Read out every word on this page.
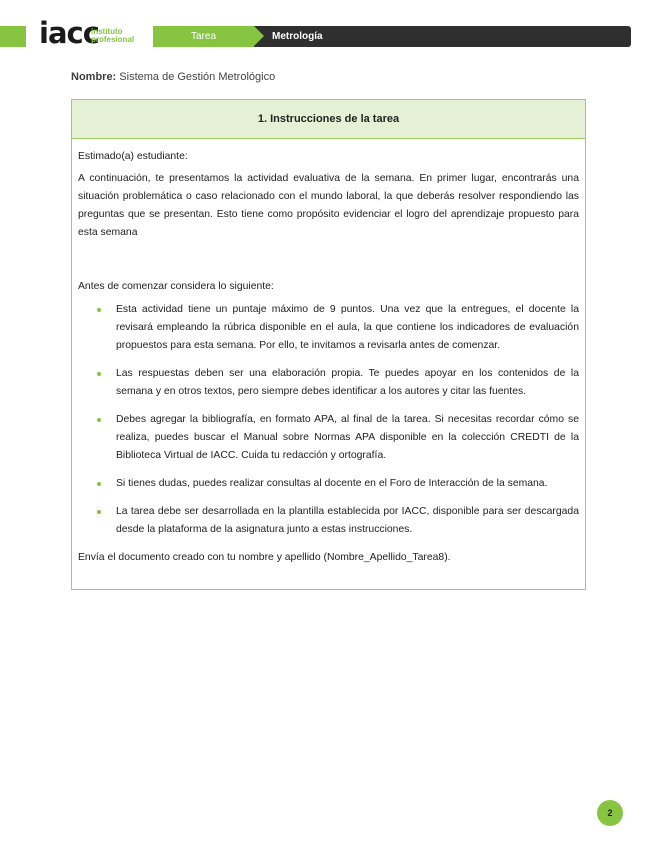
iacc
instituto
profesional	Tarea	Metrología
Nombre: Sistema de Gestión Metrológico
1. Instrucciones de la tarea

Estimado(a) estudiante:

A continuación, te presentamos la actividad evaluativa de la semana. En primer lugar, encontrarás una situación problemática o caso relacionado con el mundo laboral, la que deberás resolver respondiendo las preguntas que se presentan. Esto tiene como propósito evidenciar el logro del aprendizaje propuesto para esta semana

Antes de comenzar considera lo siguiente:

Esta actividad tiene un puntaje máximo de 9 puntos. Una vez que la entregues, el docente la revisará empleando la rúbrica disponible en el aula, la que contiene los indicadores de evaluación propuestos para esta semana. Por ello, te invitamos a revisarla antes de comenzar.
Las respuestas deben ser una elaboración propia. Te puedes apoyar en los contenidos de la semana y en otros textos, pero siempre debes identificar a los autores y citar las fuentes.
Debes agregar la bibliografía, en formato APA, al final de la tarea. Si necesitas recordar cómo se realiza, puedes buscar el Manual sobre Normas APA disponible en la colección CREDTI de la Biblioteca Virtual de IACC. Cuida tu redacción y ortografía.
Si tienes dudas, puedes realizar consultas al docente en el Foro de Interacción de la semana.
La tarea debe ser desarrollada en la plantilla establecida por IACC, disponible para ser descargada desde la plataforma de la asignatura junto a estas instrucciones.

Envía el documento creado con tu nombre y apellido (Nombre_Apellido_Tarea8).

2
